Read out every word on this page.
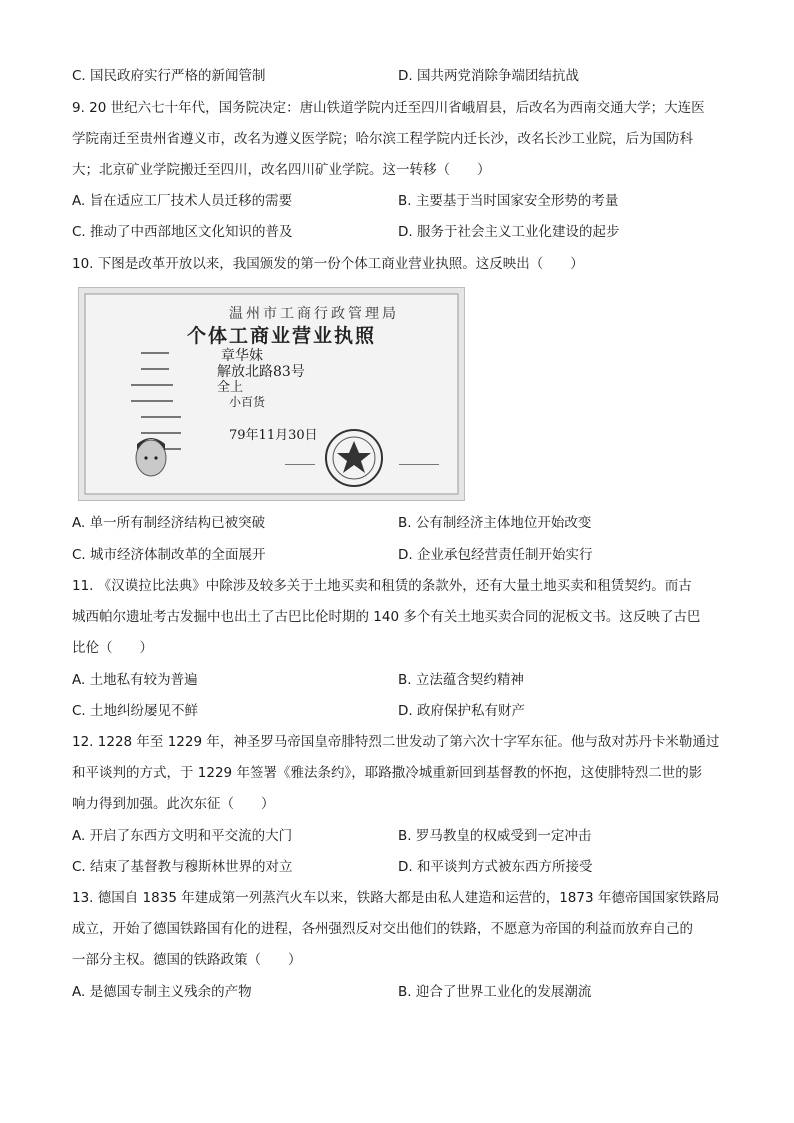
C. 国民政府实行严格的新闻管制	D. 国共两党消除争端团结抗战
9. 20 世纪六七十年代，国务院决定：唐山铁道学院内迁至四川省峨眉县，后改名为西南交通大学；大连医
学院南迁至贵州省遵义市，改名为遵义医学院；哈尔滨工程学院内迁长沙，改名长沙工业院，后为国防科
大；北京矿业学院搬迁至四川，改名四川矿业学院。这一转移（　　）
A. 旨在适应工厂技术人员迁移的需要	B. 主要基于当时国家安全形势的考量
C. 推动了中西部地区文化知识的普及	D. 服务于社会主义工业化建设的起步
10. 下图是改革开放以来，我国颁发的第一份个体工商业营业执照。这反映出（　　）
温州市工商行政管理局
个体工商业营业执照
章华妹
解放北路83号
全上
小百货
79年11月30日
A. 单一所有制经济结构已被突破	B. 公有制经济主体地位开始改变
C. 城市经济体制改革的全面展开	D. 企业承包经营责任制开始实行
11. 《汉谟拉比法典》中除涉及较多关于土地买卖和租赁的条款外，还有大量土地买卖和租赁契约。而古
城西帕尔遗址考古发掘中也出土了古巴比伦时期的 140 多个有关土地买卖合同的泥板文书。这反映了古巴
比伦（　　）
A. 土地私有较为普遍	B. 立法蕴含契约精神
C. 土地纠纷屡见不鲜	D. 政府保护私有财产
12. 1228 年至 1229 年，神圣罗马帝国皇帝腓特烈二世发动了第六次十字军东征。他与敌对苏丹卡米勒通过
和平谈判的方式，于 1229 年签署《雅法条约》，耶路撒冷城重新回到基督教的怀抱，这使腓特烈二世的影
响力得到加强。此次东征（　　）
A. 开启了东西方文明和平交流的大门	B. 罗马教皇的权威受到一定冲击
C. 结束了基督教与穆斯林世界的对立	D. 和平谈判方式被东西方所接受
13. 德国自 1835 年建成第一列蒸汽火车以来，铁路大都是由私人建造和运营的，1873 年德帝国国家铁路局
成立，开始了德国铁路国有化的进程，各州强烈反对交出他们的铁路，不愿意为帝国的利益而放弃自己的
一部分主权。德国的铁路政策（　　）
A. 是德国专制主义残余的产物	B. 迎合了世界工业化的发展潮流
